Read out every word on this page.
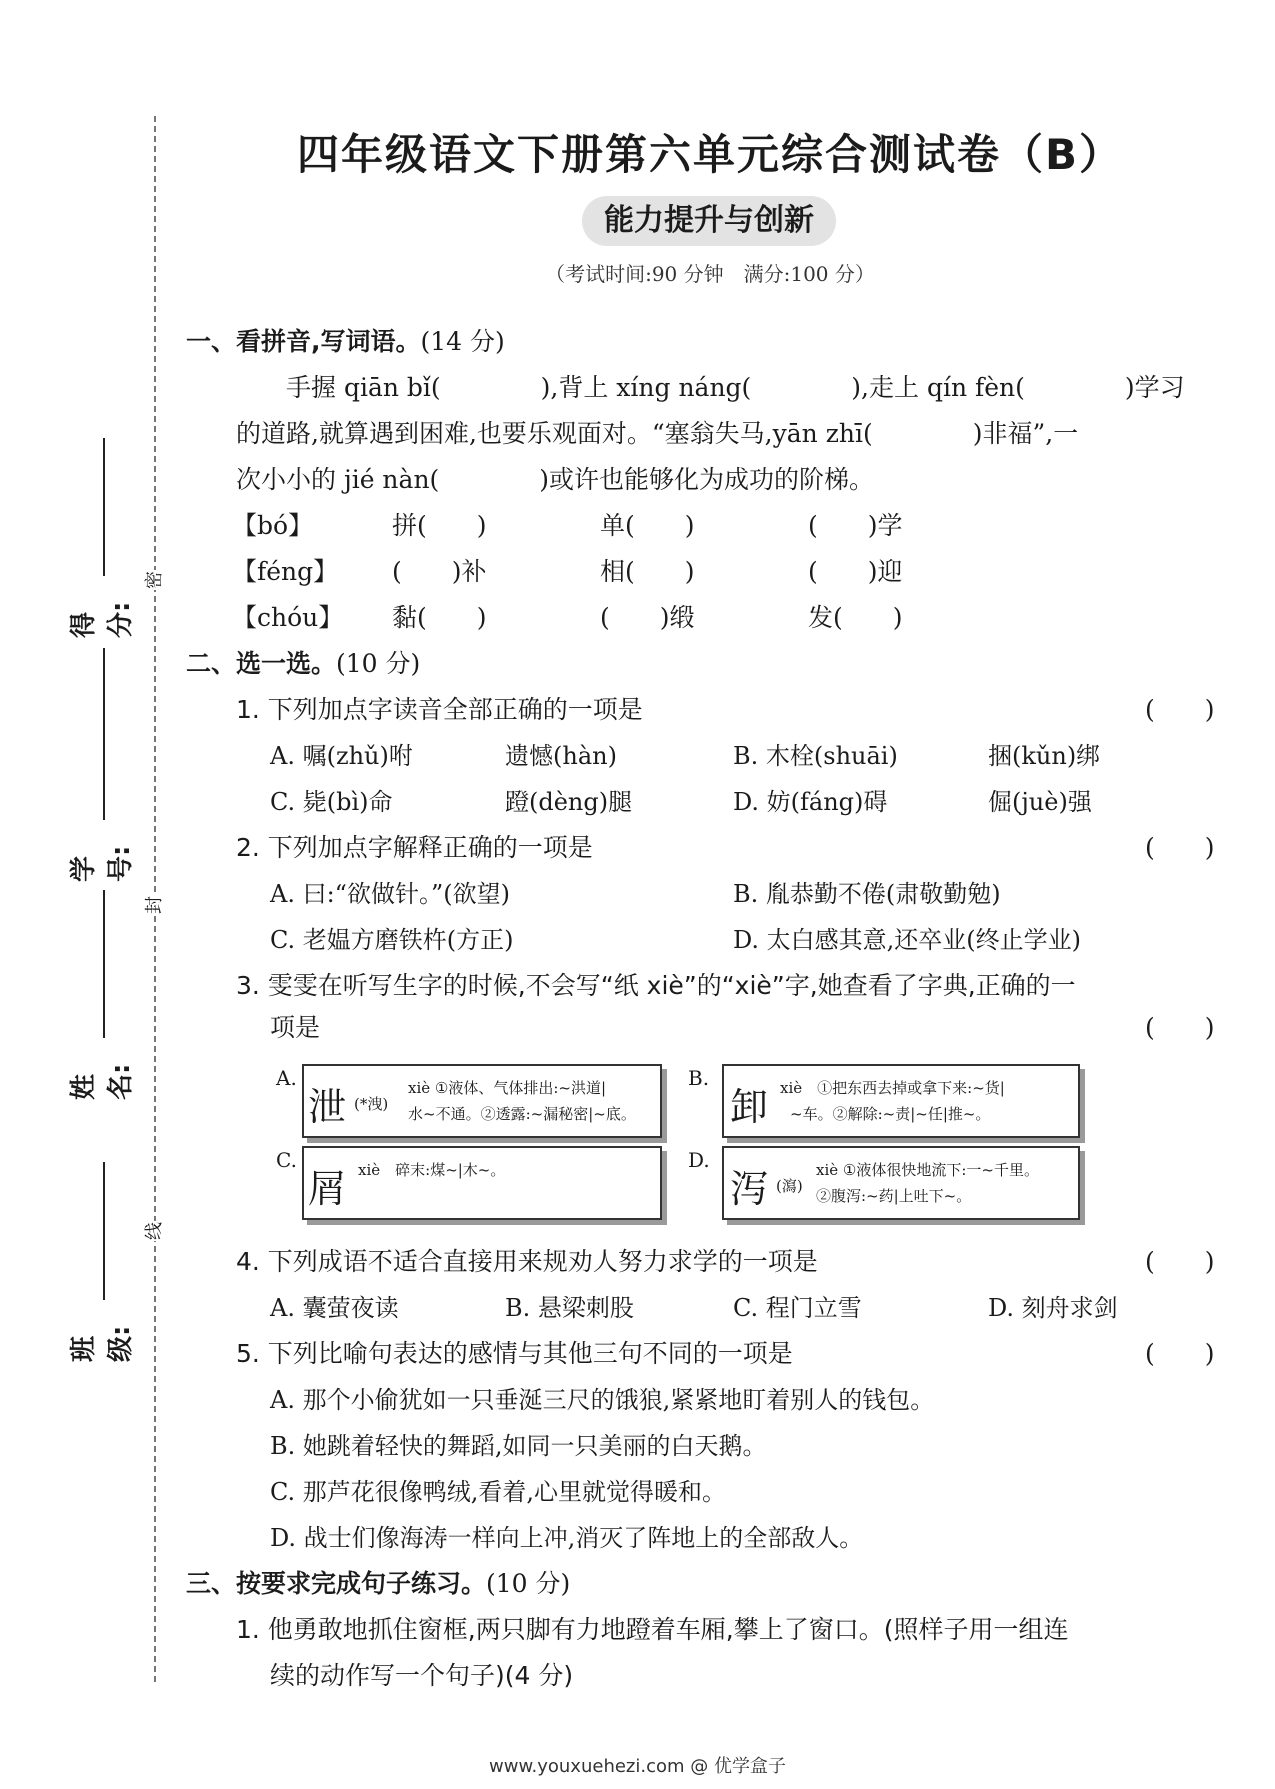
班级:
姓名:
学号:
得分:
密
封
线
四年级语文下册第六单元综合测试卷（B）
能力提升与创新
（考试时间:90 分钟　满分:100 分）
一、看拼音,写词语。(14 分)
　　手握 qiān bǐ(　　　　),背上 xíng náng(　　　　),走上 qín fèn(　　　　)学习
的道路,就算遇到困难,也要乐观面对。“塞翁失马,yān zhī(　　　　)非福”,一
次小小的 jié nàn(　　　　)或许也能够化为成功的阶梯。
【bó】	拼(　　)	单(　　)	(　　)学
【féng】 (　　)补	相(　　)	(　　)迎
【chóu】 黏(　　)	(　　)缎	发(　　)
二、选一选。(10 分)
1. 下列加点字读音全部正确的一项是	(　　)
A. 嘱(zhǔ)咐	遗憾(hàn)	B. 木栓(shuāi)	捆(kǔn)绑
C. 毙(bì)命	蹬(dèng)腿	D. 妨(fáng)碍	倔(juè)强
2. 下列加点字解释正确的一项是	(　　)
A. 曰:“欲做针。”(欲望)	B. 胤恭勤不倦(肃敬勤勉)
C. 老媪方磨铁杵(方正)	D. 太白感其意,还卒业(终止学业)
3. 雯雯在听写生字的时候,不会写“纸 xiè”的“xiè”字,她查看了字典,正确的一
项是	(　　)
A.
泄 (*洩)
xiè ①液体、气体排出:~洪道|
水~不通。②透露:~漏秘密|~底。
B.
卸 xiè　①把东西去掉或拿下来:~货|
~车。②解除:~责|~任|推~。
C.
屑 xiè　碎末:煤~|木~。	D.
泻 (瀉)
xiè ①液体很快地流下:一~千里。
②腹泻:~药|上吐下~。
4. 下列成语不适合直接用来规劝人努力求学的一项是	(　　)
A. 囊萤夜读	B. 悬梁刺股	C. 程门立雪	D. 刻舟求剑
5. 下列比喻句表达的感情与其他三句不同的一项是	(　　)
A. 那个小偷犹如一只垂涎三尺的饿狼,紧紧地盯着别人的钱包。
B. 她跳着轻快的舞蹈,如同一只美丽的白天鹅。
C. 那芦花很像鸭绒,看着,心里就觉得暖和。
D. 战士们像海涛一样向上冲,消灭了阵地上的全部敌人。
三、按要求完成句子练习。(10 分)
1. 他勇敢地抓住窗框,两只脚有力地蹬着车厢,攀上了窗口。(照样子用一组连
续的动作写一个句子)(4 分)
www.youxuehezi.com @ 优学盒子
